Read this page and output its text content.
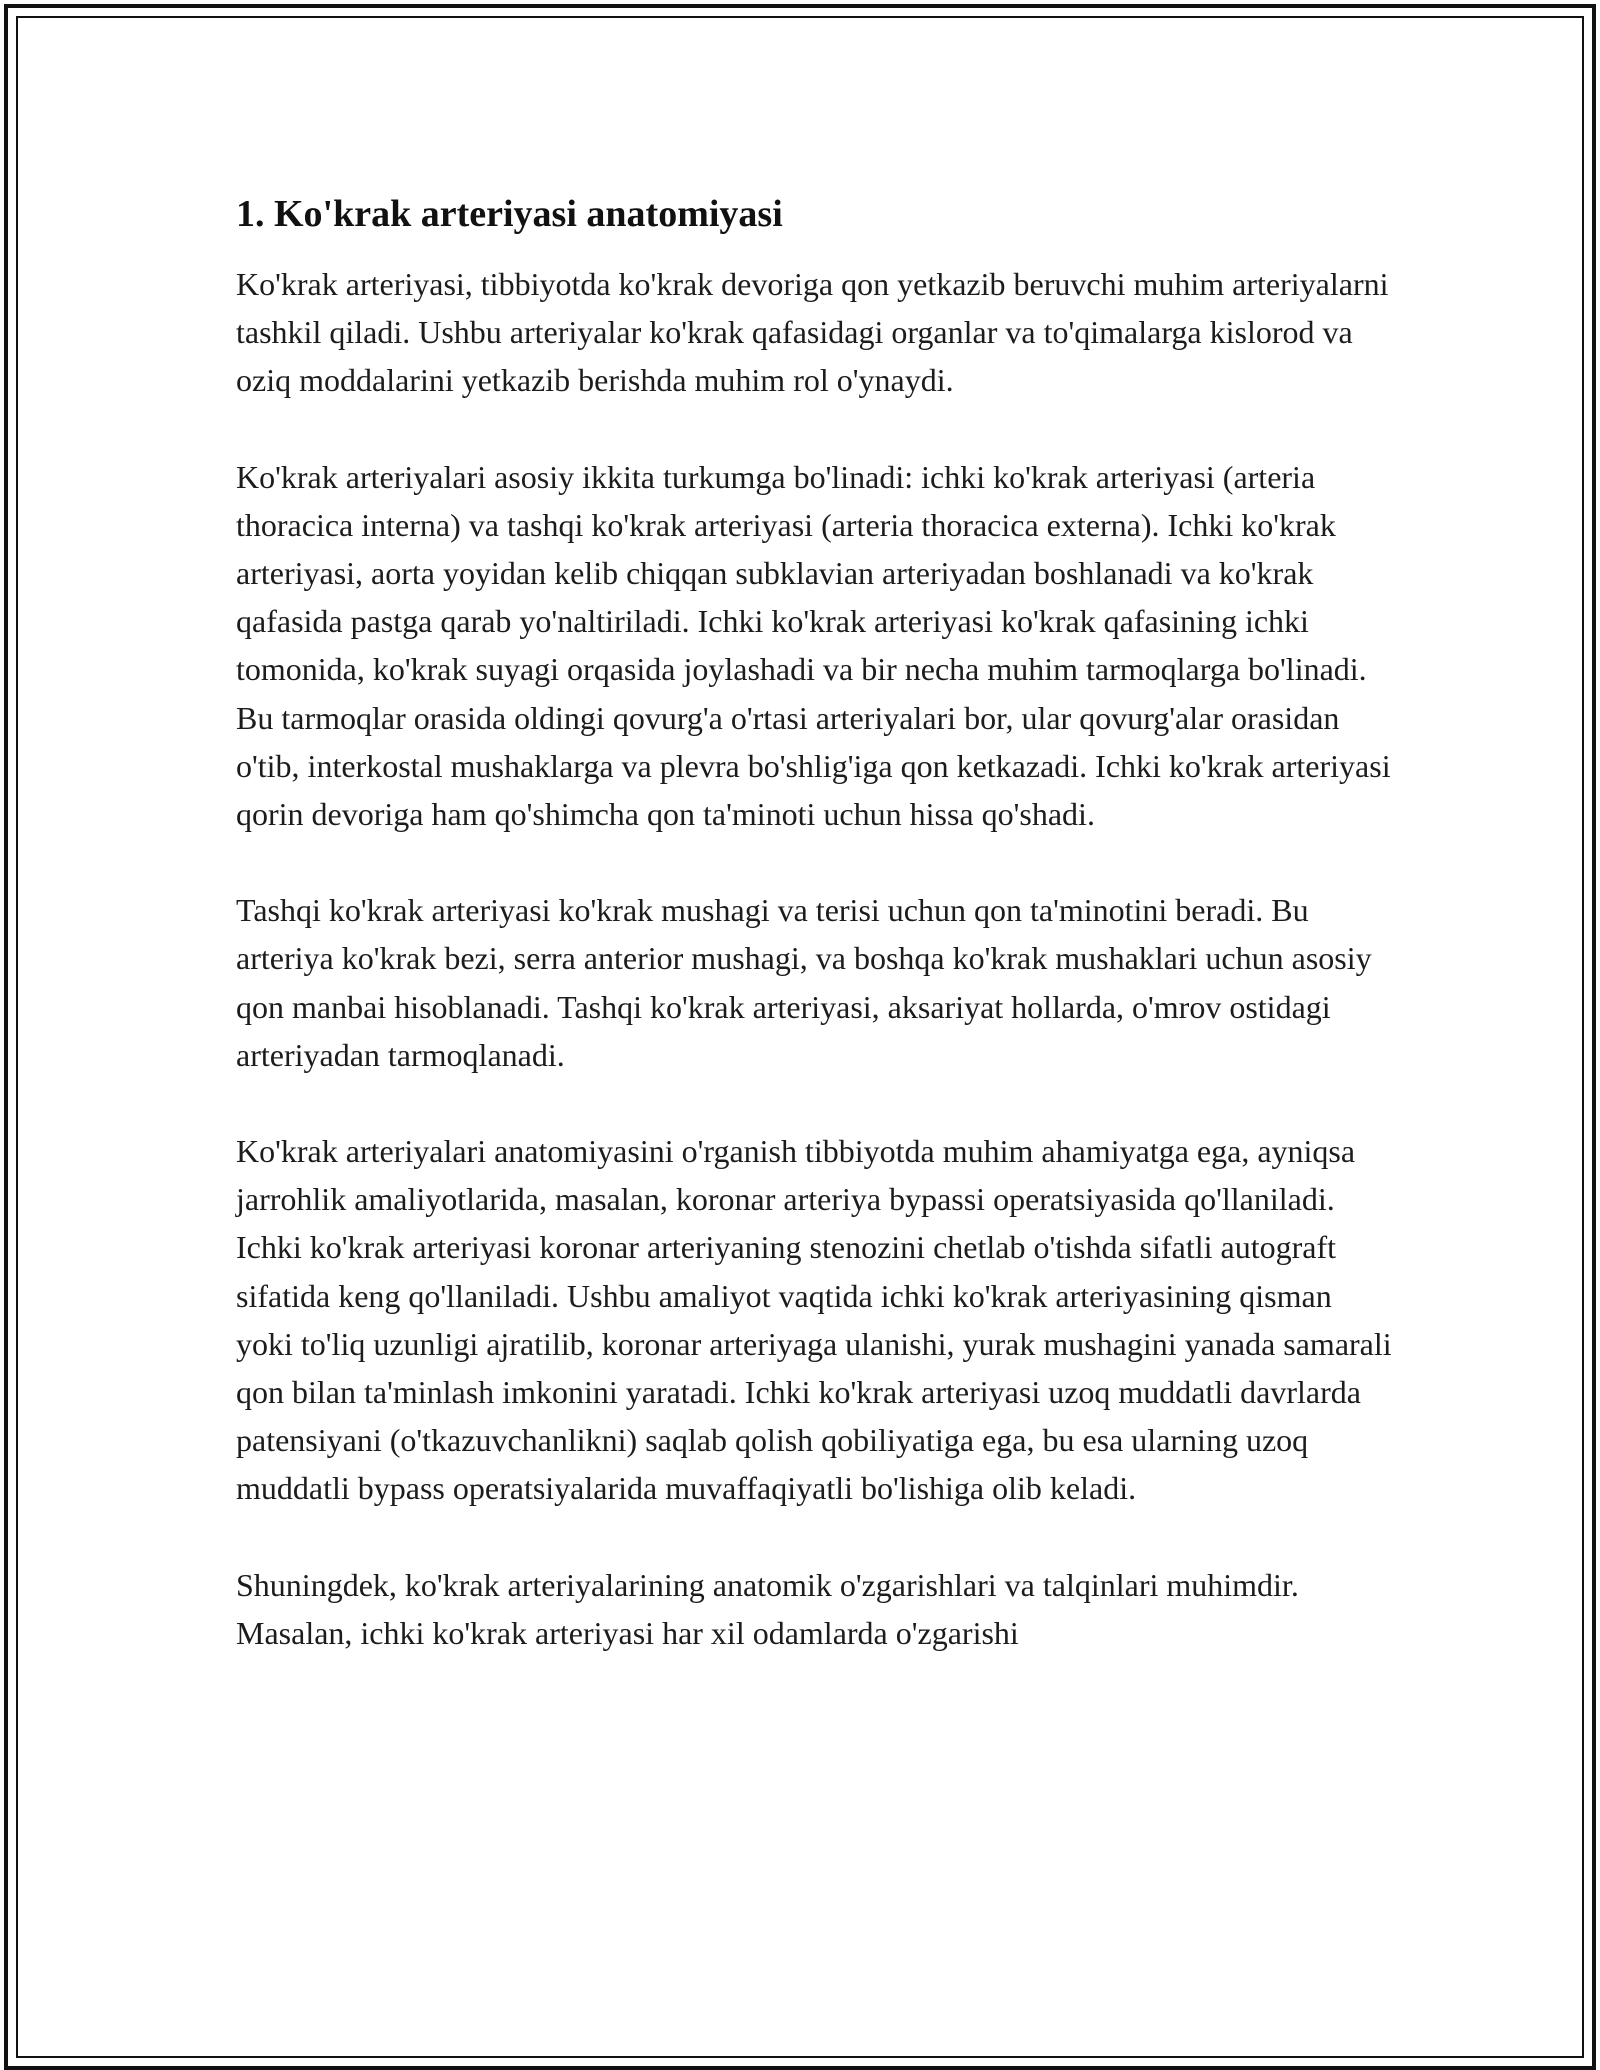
1. Ko'krak arteriyasi anatomiyasi

Ko'krak arteriyasi, tibbiyotda ko'krak devoriga qon yetkazib beruvchi muhim arteriyalarni tashkil qiladi. Ushbu arteriyalar ko'krak qafasidagi organlar va to'qimalarga kislorod va oziq moddalarini yetkazib berishda muhim rol o'ynaydi.

Ko'krak arteriyalari asosiy ikkita turkumga bo'linadi: ichki ko'krak arteriyasi (arteria thoracica interna) va tashqi ko'krak arteriyasi (arteria thoracica externa). Ichki ko'krak arteriyasi, aorta yoyidan kelib chiqqan subklavian arteriyadan boshlanadi va ko'krak qafasida pastga qarab yo'naltiriladi. Ichki ko'krak arteriyasi ko'krak qafasining ichki tomonida, ko'krak suyagi orqasida joylashadi va bir necha muhim tarmoqlarga bo'linadi. Bu tarmoqlar orasida oldingi qovurg'a o'rtasi arteriyalari bor, ular qovurg'alar orasidan o'tib, interkostal mushaklarga va plevra bo'shlig'iga qon ketkazadi. Ichki ko'krak arteriyasi qorin devoriga ham qo'shimcha qon ta'minoti uchun hissa qo'shadi.

Tashqi ko'krak arteriyasi ko'krak mushagi va terisi uchun qon ta'minotini beradi. Bu arteriya ko'krak bezi, serra anterior mushagi, va boshqa ko'krak mushaklari uchun asosiy qon manbai hisoblanadi. Tashqi ko'krak arteriyasi, aksariyat hollarda, o'mrov ostidagi arteriyadan tarmoqlanadi.

Ko'krak arteriyalari anatomiyasini o'rganish tibbiyotda muhim ahamiyatga ega, ayniqsa jarrohlik amaliyotlarida, masalan, koronar arteriya bypassi operatsiyasida qo'llaniladi. Ichki ko'krak arteriyasi koronar arteriyaning stenozini chetlab o'tishda sifatli autograft sifatida keng qo'llaniladi. Ushbu amaliyot vaqtida ichki ko'krak arteriyasining qisman yoki to'liq uzunligi ajratilib, koronar arteriyaga ulanishi, yurak mushagini yanada samarali qon bilan ta'minlash imkonini yaratadi. Ichki ko'krak arteriyasi uzoq muddatli davrlarda patensiyani (o'tkazuvchanlikni) saqlab qolish qobiliyatiga ega, bu esa ularning uzoq muddatli bypass operatsiyalarida muvaffaqiyatli bo'lishiga olib keladi.

Shuningdek, ko'krak arteriyalarining anatomik o'zgarishlari va talqinlari muhimdir. Masalan, ichki ko'krak arteriyasi har xil odamlarda o'zgarishi
